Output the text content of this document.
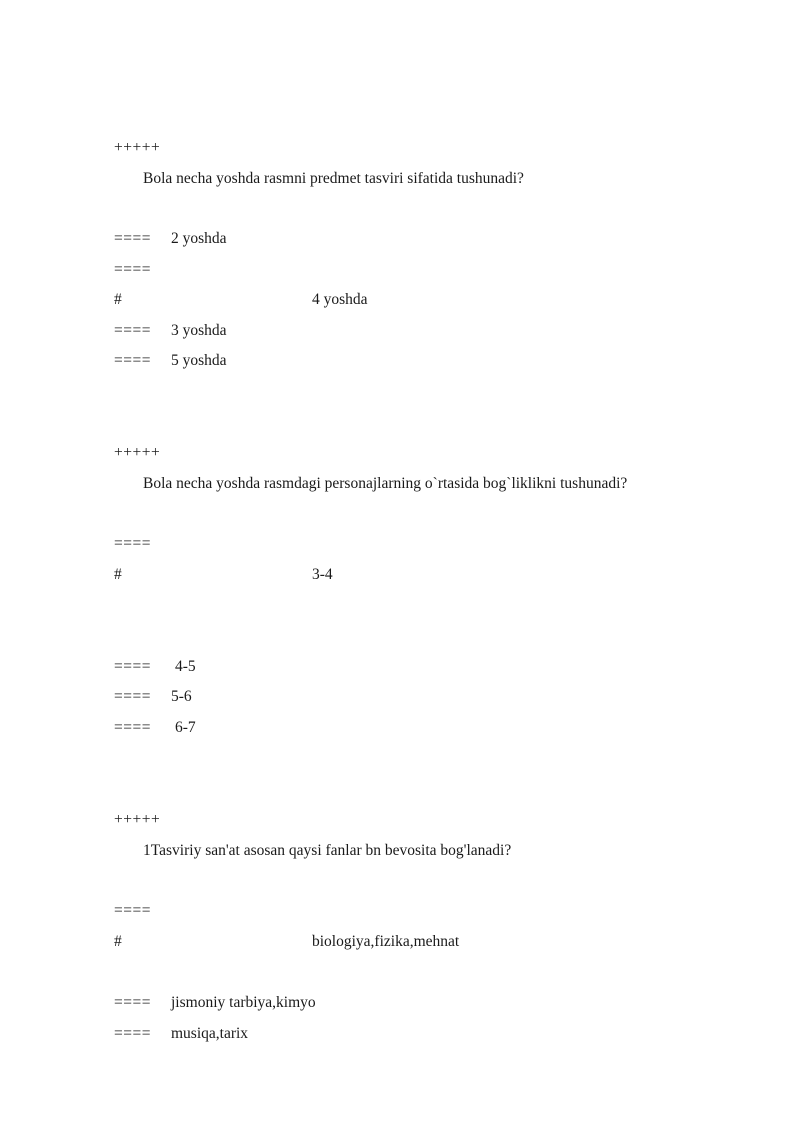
+++++
Bola necha yoshda rasmni predmet tasviri sifatida tushunadi?
==== 2 yoshda
====
#	4 yoshda
==== 3 yoshda
==== 5 yoshda
+++++
Bola necha yoshda rasmdagi personajlarning o`rtasida bog`liklikni tushunadi?
====
#	3-4
==== 4-5
==== 5-6
==== 6-7
+++++
1Tasviriy san'at asosan qaysi fanlar bn bevosita bog'lanadi?
====
#	biologiya,fizika,mehnat
==== jismoniy tarbiya,kimyo
==== musiqa,tarix
